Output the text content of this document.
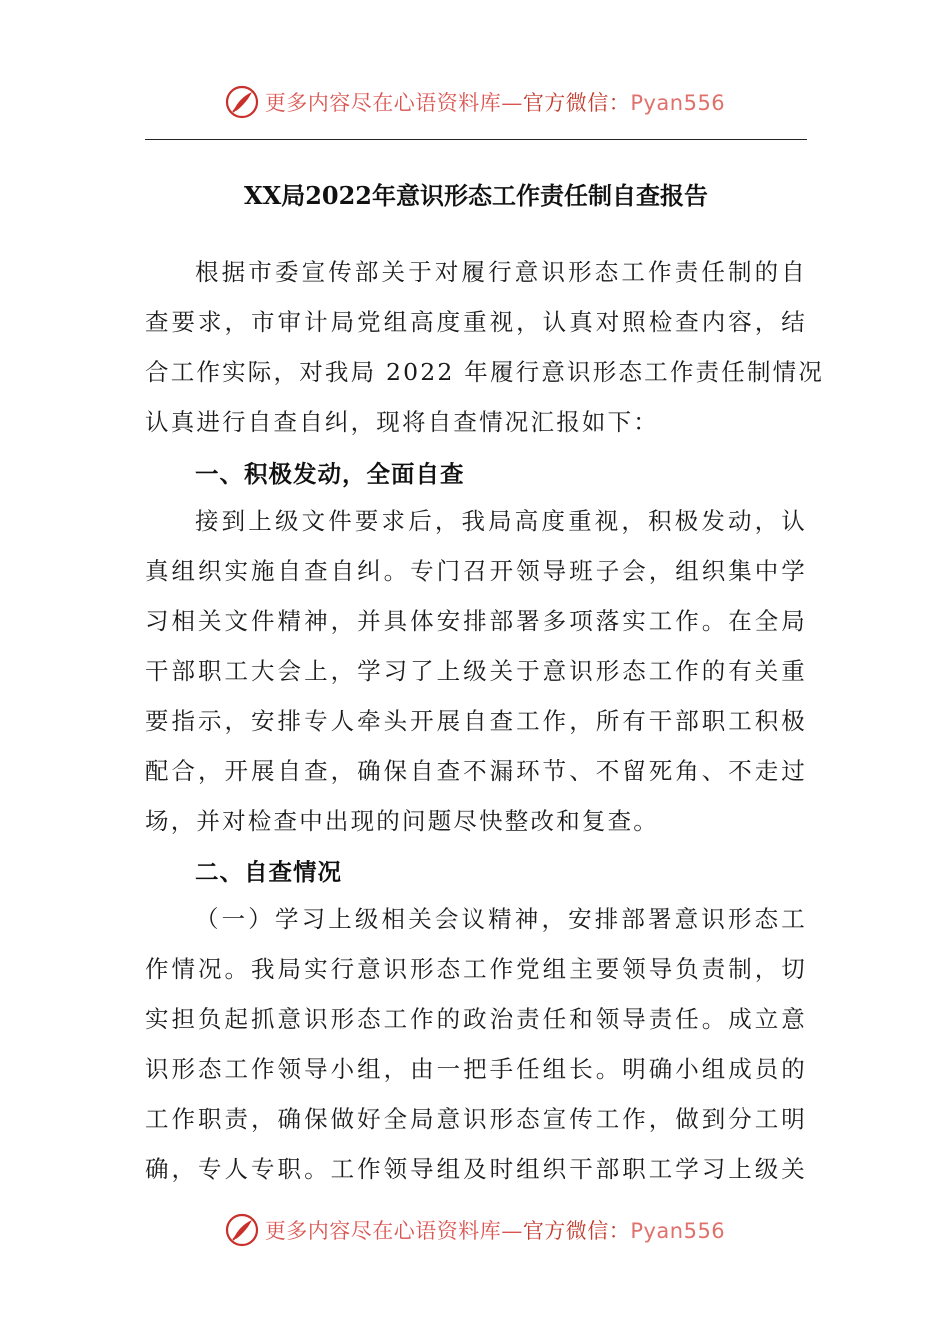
更多内容尽在心语资料库—官方微信：Pyan556
XX局2022年意识形态工作责任制自查报告
根据市委宣传部关于对履行意识形态工作责任制的自
查要求，市审计局党组高度重视，认真对照检查内容，结
合工作实际，对我局 2022 年履行意识形态工作责任制情况
认真进行自查自纠，现将自查情况汇报如下：
一、积极发动，全面自查
接到上级文件要求后，我局高度重视，积极发动，认
真组织实施自查自纠。专门召开领导班子会，组织集中学
习相关文件精神，并具体安排部署多项落实工作。在全局
干部职工大会上，学习了上级关于意识形态工作的有关重
要指示，安排专人牵头开展自查工作，所有干部职工积极
配合，开展自查，确保自查不漏环节、不留死角、不走过
场，并对检查中出现的问题尽快整改和复查。
二、自查情况
（一）学习上级相关会议精神，安排部署意识形态工
作情况。我局实行意识形态工作党组主要领导负责制，切
实担负起抓意识形态工作的政治责任和领导责任。成立意
识形态工作领导小组，由一把手任组长。明确小组成员的
工作职责，确保做好全局意识形态宣传工作，做到分工明
确，专人专职。工作领导组及时组织干部职工学习上级关
更多内容尽在心语资料库—官方微信：Pyan556
